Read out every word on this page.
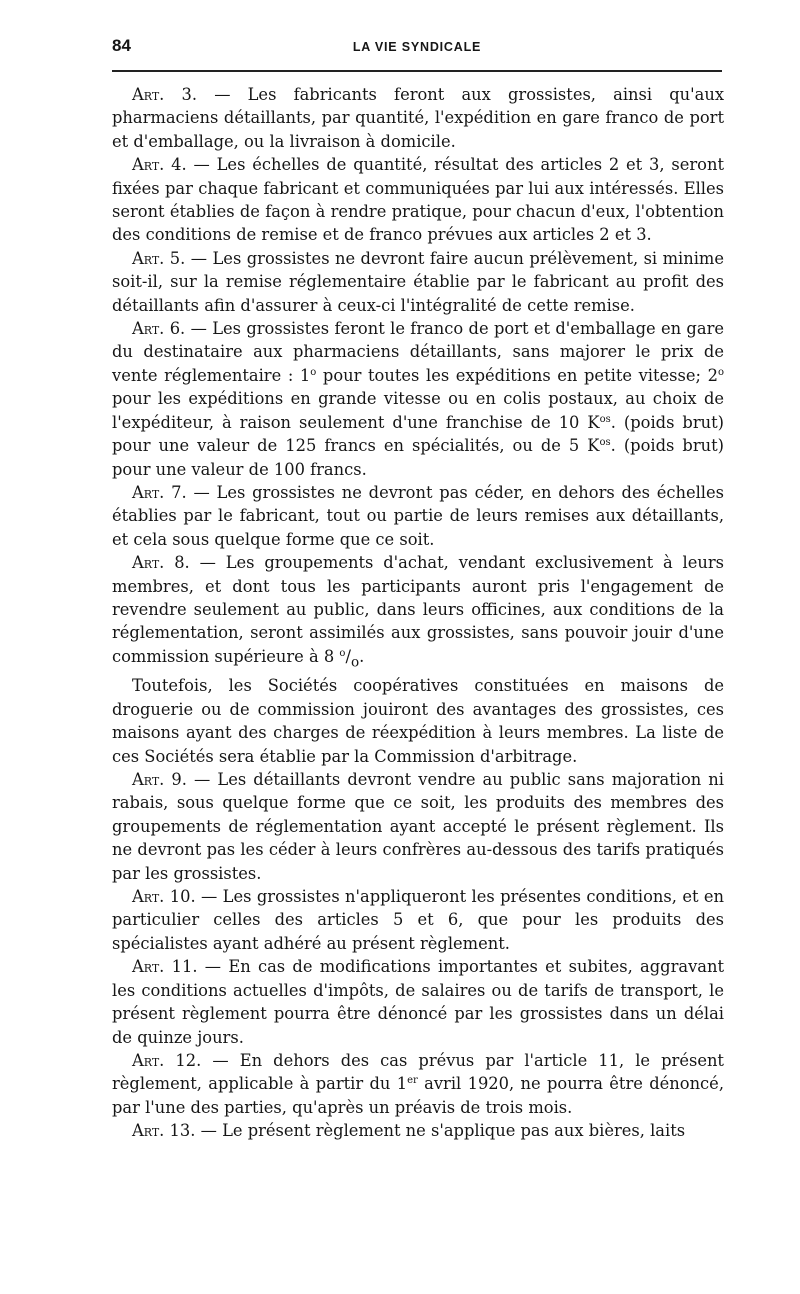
84	LA VIE SYNDICALE

Art. 3. — Les fabricants feront aux grossistes, ainsi qu'aux pharmaciens détaillants, par quantité, l'expédition en gare franco de port et d'emballage, ou la livraison à domicile.

Art. 4. — Les échelles de quantité, résultat des articles 2 et 3, seront fixées par chaque fabricant et communiquées par lui aux intéressés. Elles seront établies de façon à rendre pratique, pour chacun d'eux, l'obtention des conditions de remise et de franco prévues aux articles 2 et 3.

Art. 5. — Les grossistes ne devront faire aucun prélèvement, si minime soit-il, sur la remise réglementaire établie par le fabricant au profit des détaillants afin d'assurer à ceux-ci l'intégralité de cette remise.

Art. 6. — Les grossistes feront le franco de port et d'emballage en gare du destinataire aux pharmaciens détaillants, sans majorer le prix de vente réglementaire : 1$^o$ pour toutes les expéditions en petite vitesse; 2$^o$ pour les expéditions en grande vitesse ou en colis postaux, au choix de l'expéditeur, à raison seulement d'une franchise de 10 $K^{os}$. (poids brut) pour une valeur de 125 francs en spécialités, ou de 5 $K^{os}$. (poids brut) pour une valeur de 100 francs.

Art. 7. — Les grossistes ne devront pas céder, en dehors des échelles établies par le fabricant, tout ou partie de leurs remises aux détaillants, et cela sous quelque forme que ce soit.

Art. 8. — Les groupements d'achat, vendant exclusivement à leurs membres, et dont tous les participants auront pris l'engagement de revendre seulement au public, dans leurs officines, aux conditions de la réglementation, seront assimilés aux grossistes, sans pouvoir jouir d'une commission supérieure à 8 $^o/_o$.

Toutefois, les Sociétés coopératives constituées en maisons de droguerie ou de commission jouiront des avantages des grossistes, ces maisons ayant des charges de réexpédition à leurs membres. La liste de ces Sociétés sera établie par la Commission d'arbitrage.

Art. 9. — Les détaillants devront vendre au public sans majoration ni rabais, sous quelque forme que ce soit, les produits des membres des groupements de réglementation ayant accepté le présent règlement. Ils ne devront pas les céder à leurs confrères au-dessous des tarifs pratiqués par les grossistes.

Art. 10. — Les grossistes n'appliqueront les présentes conditions, et en particulier celles des articles 5 et 6, que pour les produits des spécialistes ayant adhéré au présent règlement.

Art. 11. — En cas de modifications importantes et subites, aggravant les conditions actuelles d'impôts, de salaires ou de tarifs de transport, le présent règlement pourra être dénoncé par les grossistes dans un délai de quinze jours.

Art. 12. — En dehors des cas prévus par l'article 11, le présent règlement, applicable à partir du 1er avril 1920, ne pourra être dénoncé, par l'une des parties, qu'après un préavis de trois mois.

Art. 13. — Le présent règlement ne s'applique pas aux bières, laits
